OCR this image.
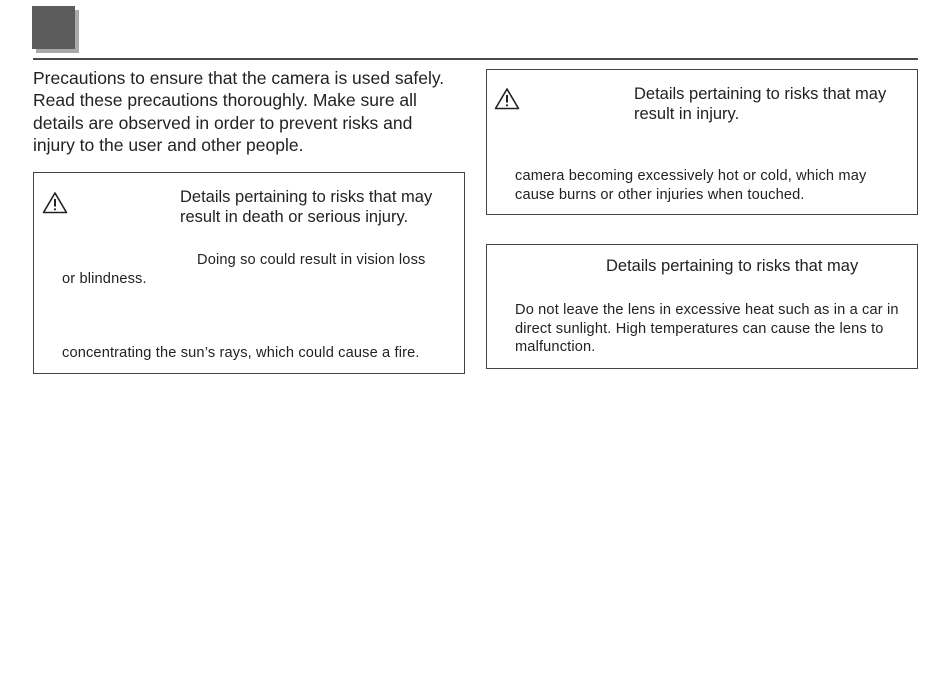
Precautions to ensure that the camera is used safely. Read these precautions thoroughly. Make sure all details are observed in order to prevent risks and injury to the user and other people.
Details pertaining to risks that may result in death or serious injury.
Doing so could result in vision loss
or blindness.
concentrating the sun’s rays, which could cause a fire.
Details pertaining to risks that may result in injury.
camera becoming excessively hot or cold, which may cause burns or other injuries when touched.
Details pertaining to risks that may
Do not leave the lens in excessive heat such as in a car in direct sunlight. High temperatures can cause the lens to malfunction.
